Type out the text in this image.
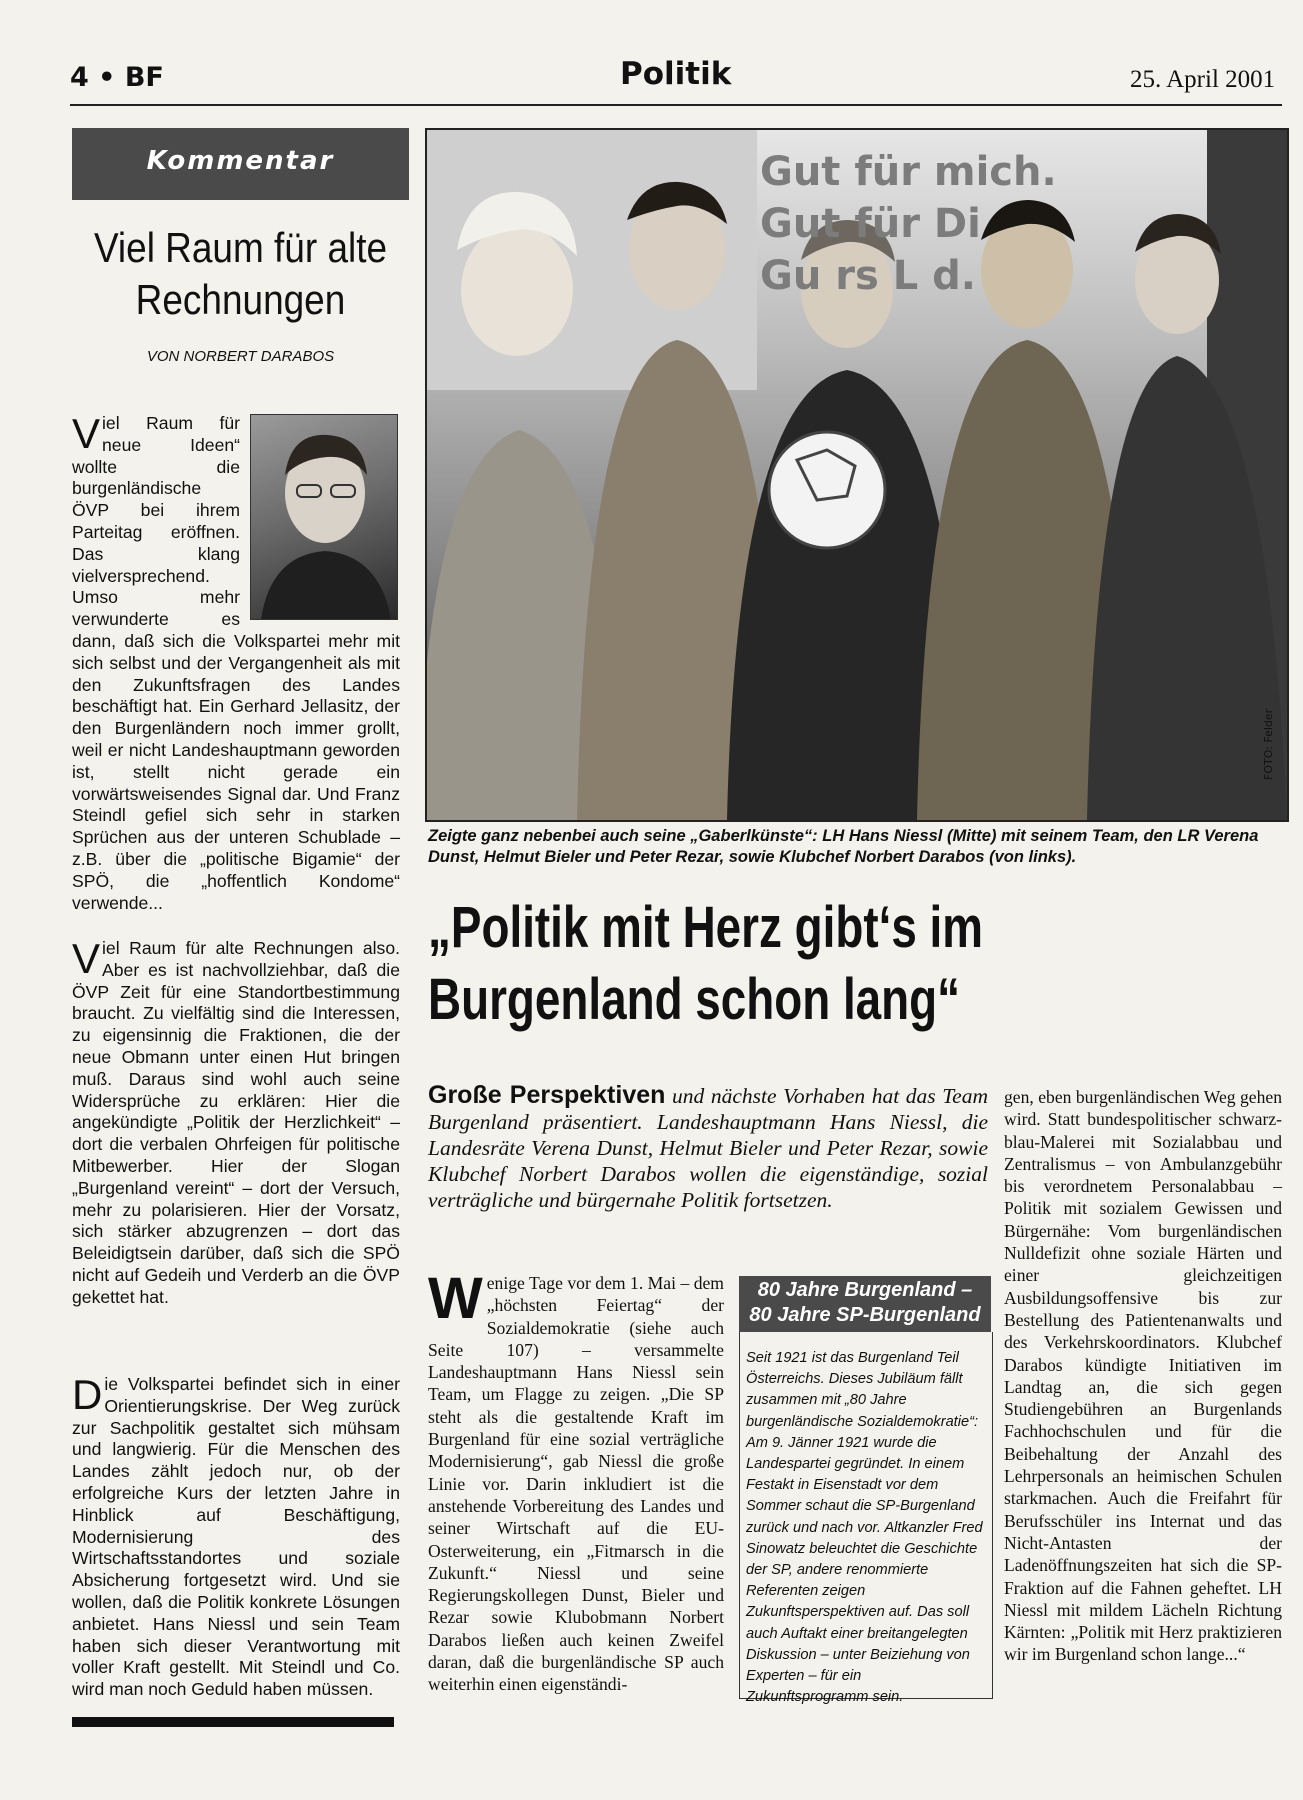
4 • BF	Politik	25. April 2001
Kommentar
Viel Raum für alte
Rechnungen
VON NORBERT DARABOS
Viel Raum für neue Ideen“ wollte die burgenländische ÖVP bei ihrem Parteitag eröffnen. Das klang vielversprechend. Umso mehr verwunderte es dann, daß sich die Volkspartei mehr mit sich selbst und der Vergangenheit als mit den Zukunftsfragen des Landes beschäftigt hat. Ein Gerhard Jellasitz, der den Burgenländern noch immer grollt, weil er nicht Landeshauptmann geworden ist, stellt nicht gerade ein vorwärtsweisendes Signal dar. Und Franz Steindl gefiel sich sehr in starken Sprüchen aus der unteren Schublade – z.B. über die „politische Bigamie“ der SPÖ, die „hoffentlich Kondome“ verwende...
Viel Raum für alte Rechnungen also. Aber es ist nachvollziehbar, daß die ÖVP Zeit für eine Standortbestimmung braucht. Zu vielfältig sind die Interessen, zu eigensinnig die Fraktionen, die der neue Obmann unter einen Hut bringen muß. Daraus sind wohl auch seine Widersprüche zu erklären: Hier die angekündigte „Politik der Herzlichkeit“ – dort die verbalen Ohrfeigen für politische Mitbewerber. Hier der Slogan „Burgenland vereint“ – dort der Versuch, mehr zu polarisieren. Hier der Vorsatz, sich stärker abzugrenzen – dort das Beleidigtsein darüber, daß sich die SPÖ nicht auf Gedeih und Verderb an die ÖVP gekettet hat.
Die Volkspartei befindet sich in einer Orientierungskrise. Der Weg zurück zur Sachpolitik gestaltet sich mühsam und langwierig. Für die Menschen des Landes zählt jedoch nur, ob der erfolgreiche Kurs der letzten Jahre in Hinblick auf Beschäftigung, Modernisierung des Wirtschaftsstandortes und soziale Absicherung fortgesetzt wird. Und sie wollen, daß die Politik konkrete Lösungen anbietet. Hans Niessl und sein Team haben sich dieser Verantwortung mit voller Kraft gestellt. Mit Steindl und Co. wird man noch Geduld haben müssen.
Gut für mich.
Gut für Di
Gu rs L d.
FOTO: Felder
Zeigte ganz nebenbei auch seine „Gaberlkünste“: LH Hans Niessl (Mitte) mit seinem Team, den LR Verena Dunst, Helmut Bieler und Peter Rezar, sowie Klubchef Norbert Darabos (von links).
„Politik mit Herz gibt‘s im
Burgenland schon lang“
Große Perspektiven und nächste Vorhaben hat das Team Burgenland präsentiert. Landeshauptmann Hans Niessl, die Landesräte Verena Dunst, Helmut Bieler und Peter Rezar, sowie Klubchef Norbert Darabos wollen die eigenständige, sozial verträgliche und bürgernahe Politik fortsetzen.
Wenige Tage vor dem 1. Mai – dem „höchsten Feiertag“ der Sozialdemokratie (siehe auch Seite 107) – versammelte Landeshauptmann Hans Niessl sein Team, um Flagge zu zeigen. „Die SP steht als die gestaltende Kraft im Burgenland für eine sozial verträgliche Modernisierung“, gab Niessl die große Linie vor. Darin inkludiert ist die anstehende Vorbereitung des Landes und seiner Wirtschaft auf die EU-Osterweiterung, ein „Fitmarsch in die Zukunft.“ Niessl und seine Regierungskollegen Dunst, Bieler und Rezar sowie Klubobmann Norbert Darabos ließen auch keinen Zweifel daran, daß die burgenländische SP auch weiterhin einen eigenständi-
gen, eben burgenländischen Weg gehen wird. Statt bundespolitischer schwarz-blau-Malerei mit Sozialabbau und Zentralismus – von Ambulanzgebühr bis verordnetem Personalabbau – Politik mit sozialem Gewissen und Bürgernähe: Vom burgenländischen Nulldefizit ohne soziale Härten und einer gleichzeitigen Ausbildungsoffensive bis zur Bestellung des Patientenanwalts und des Verkehrskoordinators. Klubchef Darabos kündigte Initiativen im Landtag an, die sich gegen Studiengebühren an Burgenlands Fachhochschulen und für die Beibehaltung der Anzahl des Lehrpersonals an heimischen Schulen starkmachen. Auch die Freifahrt für Berufsschüler ins Internat und das Nicht-Antasten der Ladenöffnungszeiten hat sich die SP-Fraktion auf die Fahnen geheftet. LH Niessl mit mildem Lächeln Richtung Kärnten: „Politik mit Herz praktizieren wir im Burgenland schon lange...“
80 Jahre Burgenland –
80 Jahre SP-Burgenland
Seit 1921 ist das Burgenland Teil Österreichs. Dieses Jubiläum fällt zusammen mit „80 Jahre burgenländische Sozialdemokratie“: Am 9. Jänner 1921 wurde die Landespartei gegründet. In einem Festakt in Eisenstadt vor dem Sommer schaut die SP-Burgenland zurück und nach vor. Altkanzler Fred Sinowatz beleuchtet die Geschichte der SP, andere renommierte Referenten zeigen Zukunftsperspektiven auf. Das soll auch Auftakt einer breitangelegten Diskussion – unter Beiziehung von Experten – für ein Zukunftsprogramm sein.
